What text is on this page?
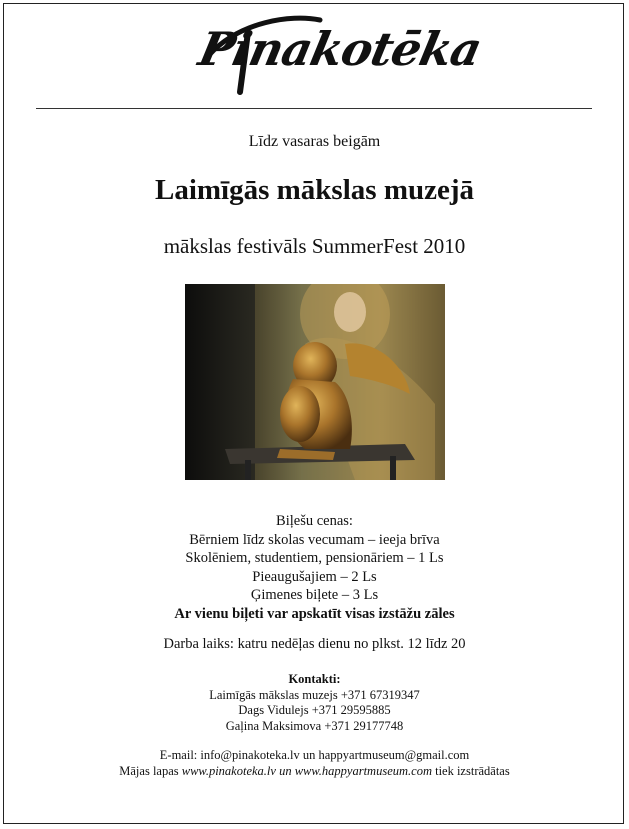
Pinakotēka
Līdz vasaras beigām
Laimīgās mākslas muzejā
mākslas festivāls SummerFest 2010
Biļešu cenas:
Bērniem līdz skolas vecumam – ieeja brīva
Skolēniem, studentiem, pensionāriem – 1 Ls
Pieaugušajiem – 2 Ls
Ģimenes biļete – 3 Ls
Ar vienu biļeti var apskatīt visas izstāžu zāles
Darba laiks: katru nedēļas dienu no plkst. 12 līdz 20
Kontakti:
Laimīgās mākslas muzejs +371 67319347
Dags Vidulejs +371 29595885
Gaļina Maksimova +371 29177748
E-mail: info@pinakoteka.lv un happyartmuseum@gmail.com
Mājas lapas www.pinakoteka.lv un www.happyartmuseum.com tiek izstrādātas
